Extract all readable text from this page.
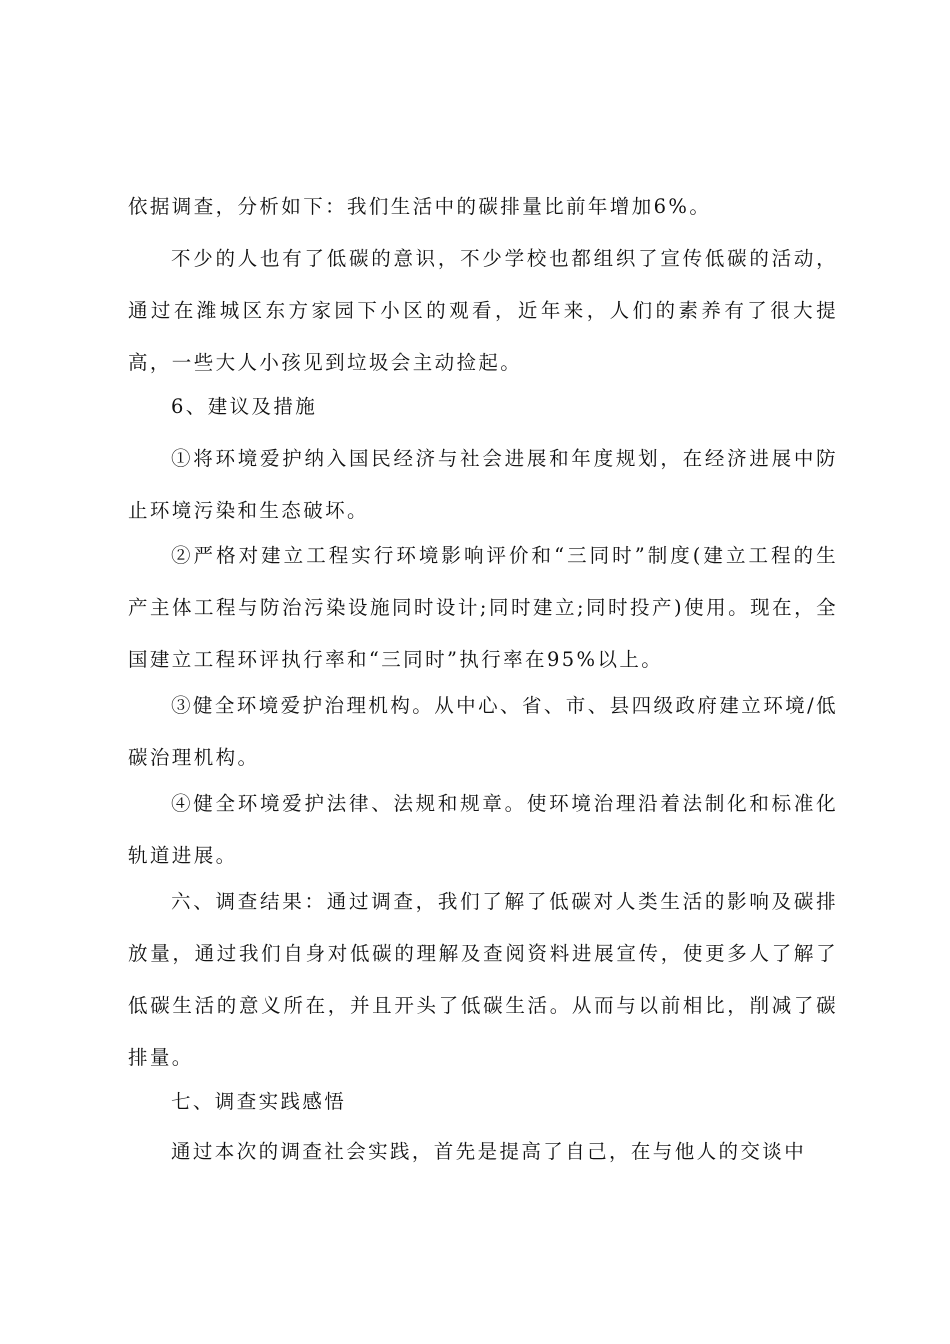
依据调查，分析如下：我们生活中的碳排量比前年增加6%。

不少的人也有了低碳的意识，不少学校也都组织了宣传低碳的活动，通过在潍城区东方家园下小区的观看，近年来，人们的素养有了很大提高，一些大人小孩见到垃圾会主动捡起。

6、建议及措施

①将环境爱护纳入国民经济与社会进展和年度规划，在经济进展中防止环境污染和生态破坏。

②严格对建立工程实行环境影响评价和“三同时”制度(建立工程的生产主体工程与防治污染设施同时设计;同时建立;同时投产)使用。现在，全国建立工程环评执行率和“三同时”执行率在95%以上。

③健全环境爱护治理机构。从中心、省、市、县四级政府建立环境/低碳治理机构。

④健全环境爱护法律、法规和规章。使环境治理沿着法制化和标准化轨道进展。

六、调查结果：通过调查，我们了解了低碳对人类生活的影响及碳排放量，通过我们自身对低碳的理解及查阅资料进展宣传，使更多人了解了低碳生活的意义所在，并且开头了低碳生活。从而与以前相比，削减了碳排量。

七、调查实践感悟

通过本次的调查社会实践，首先是提高了自己，在与他人的交谈中
